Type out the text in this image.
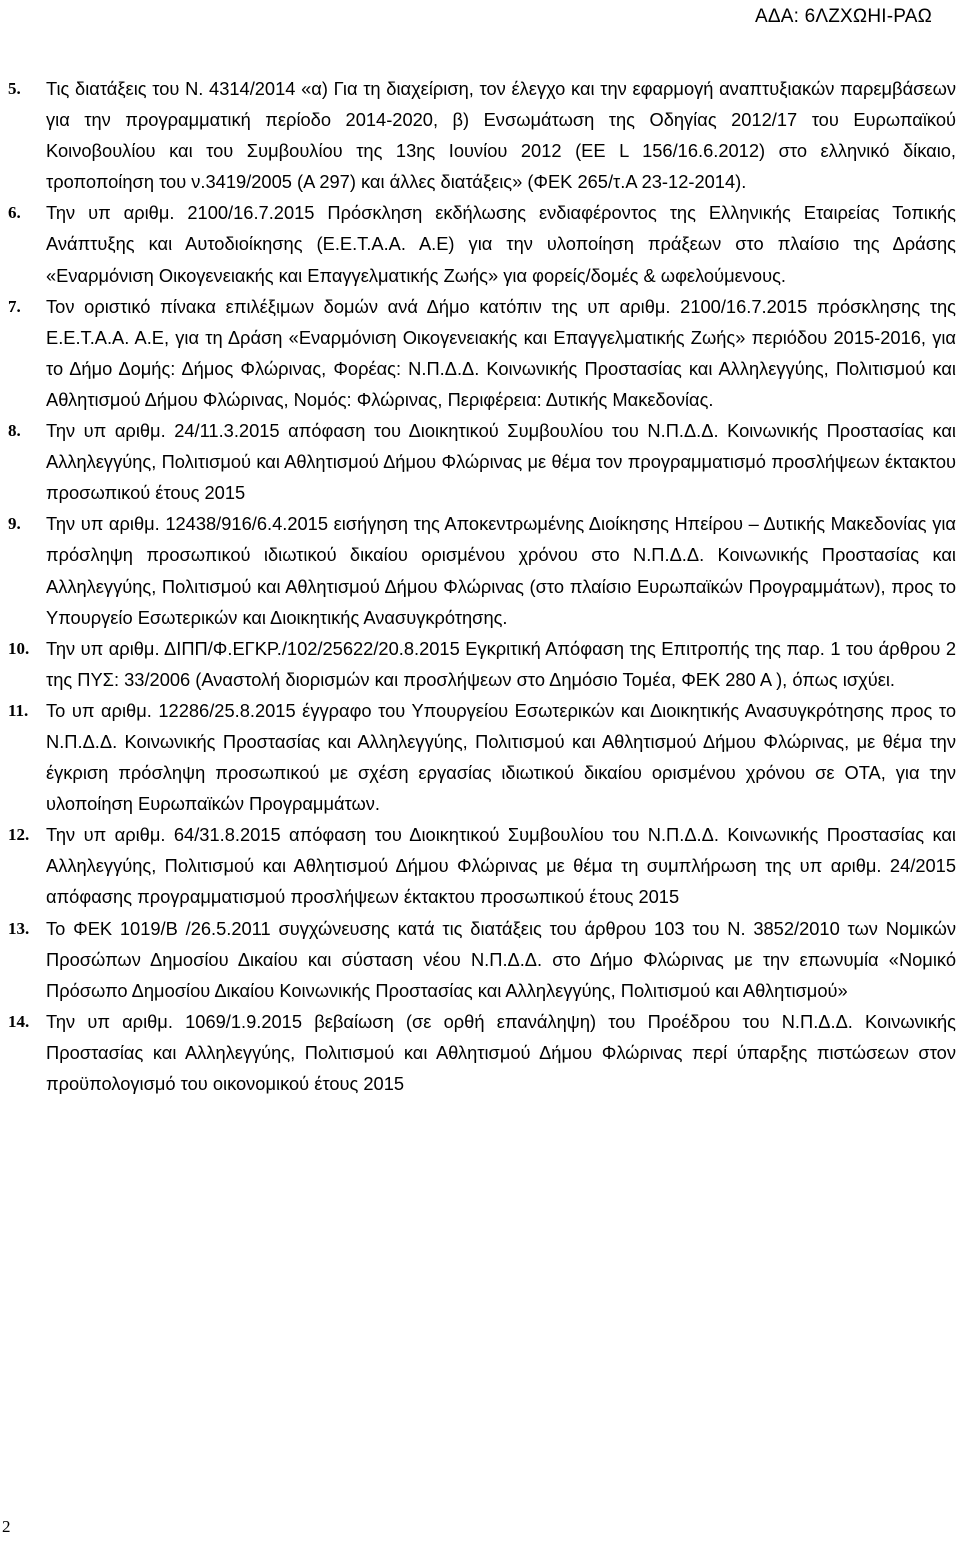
ΑΔΑ: 6ΛΖΧΩΗΙ-ΡΑΩ
5.	Τις διατάξεις του Ν. 4314/2014 «α) Για τη διαχείριση, τον έλεγχο και την εφαρμογή αναπτυξιακών παρεμβάσεων για την προγραμματική περίοδο 2014-2020, β) Ενσωμάτωση της Οδηγίας 2012/17 του Ευρωπαϊκού Κοινοβουλίου και του Συμβουλίου της 13ης Ιουνίου 2012 (ΕΕ L 156/16.6.2012) στο ελληνικό δίκαιο, τροποποίηση του ν.3419/2005 (Α 297) και άλλες διατάξεις» (ΦΕΚ 265/τ.Α 23-12-2014).
6.	Την υπ αριθμ. 2100/16.7.2015 Πρόσκληση εκδήλωσης ενδιαφέροντος της Ελληνικής Εταιρείας Τοπικής Ανάπτυξης και Αυτοδιοίκησης (Ε.Ε.Τ.Α.Α. Α.Ε) για την υλοποίηση πράξεων στο πλαίσιο της Δράσης «Εναρμόνιση Οικογενειακής και Επαγγελματικής Ζωής» για φορείς/δομές & ωφελούμενους.
7.	Τον οριστικό πίνακα επιλέξιμων δομών ανά Δήμο κατόπιν της υπ αριθμ. 2100/16.7.2015 πρόσκλησης της Ε.Ε.Τ.Α.Α. Α.Ε, για τη Δράση «Εναρμόνιση Οικογενειακής και Επαγγελματικής Ζωής» περιόδου 2015-2016, για το Δήμο Δομής: Δήμος Φλώρινας, Φορέας: Ν.Π.Δ.Δ. Κοινωνικής Προστασίας και Αλληλεγγύης, Πολιτισμού και Αθλητισμού Δήμου Φλώρινας, Νομός: Φλώρινας, Περιφέρεια: Δυτικής Μακεδονίας.
8.	Την υπ αριθμ. 24/11.3.2015 απόφαση του Διοικητικού Συμβουλίου του Ν.Π.Δ.Δ. Κοινωνικής Προστασίας και Αλληλεγγύης, Πολιτισμού και Αθλητισμού Δήμου Φλώρινας με θέμα τον προγραμματισμό προσλήψεων έκτακτου προσωπικού έτους 2015
9.	Την υπ αριθμ. 12438/916/6.4.2015 εισήγηση της Αποκεντρωμένης Διοίκησης Ηπείρου – Δυτικής Μακεδονίας για πρόσληψη προσωπικού ιδιωτικού δικαίου ορισμένου χρόνου στο Ν.Π.Δ.Δ. Κοινωνικής Προστασίας και Αλληλεγγύης, Πολιτισμού και Αθλητισμού Δήμου Φλώρινας (στο πλαίσιο Ευρωπαϊκών Προγραμμάτων), προς το Υπουργείο Εσωτερικών και Διοικητικής Ανασυγκρότησης.
10. Την υπ αριθμ. ΔΙΠΠ/Φ.ΕΓΚΡ./102/25622/20.8.2015 Εγκριτική Απόφαση της Επιτροπής της παρ. 1 του άρθρου 2 της ΠΥΣ: 33/2006 (Αναστολή διορισμών και προσλήψεων στο Δημόσιο Τομέα, ΦΕΚ 280 Α ), όπως ισχύει.
11. Το υπ αριθμ. 12286/25.8.2015 έγγραφο του Υπουργείου Εσωτερικών και Διοικητικής Ανασυγκρότησης προς το Ν.Π.Δ.Δ. Κοινωνικής Προστασίας και Αλληλεγγύης, Πολιτισμού και Αθλητισμού Δήμου Φλώρινας, με θέμα την έγκριση πρόσληψη προσωπικού με σχέση εργασίας ιδιωτικού δικαίου ορισμένου χρόνου σε ΟΤΑ, για την υλοποίηση Ευρωπαϊκών Προγραμμάτων.
12. Την υπ αριθμ. 64/31.8.2015 απόφαση του Διοικητικού Συμβουλίου του Ν.Π.Δ.Δ. Κοινωνικής Προστασίας και Αλληλεγγύης, Πολιτισμού και Αθλητισμού Δήμου Φλώρινας με θέμα τη συμπλήρωση της υπ αριθμ. 24/2015 απόφασης προγραμματισμού προσλήψεων έκτακτου προσωπικού έτους 2015
13. Το ΦΕΚ 1019/Β /26.5.2011 συγχώνευσης κατά τις διατάξεις του άρθρου 103 του Ν. 3852/2010 των Νομικών Προσώπων Δημοσίου Δικαίου και σύσταση νέου Ν.Π.Δ.Δ. στο Δήμο Φλώρινας με την επωνυμία «Νομικό Πρόσωπο Δημοσίου Δικαίου Κοινωνικής Προστασίας και Αλληλεγγύης, Πολιτισμού και Αθλητισμού»
14. Την υπ αριθμ. 1069/1.9.2015 βεβαίωση (σε ορθή επανάληψη) του Προέδρου του Ν.Π.Δ.Δ. Κοινωνικής Προστασίας και Αλληλεγγύης, Πολιτισμού και Αθλητισμού Δήμου Φλώρινας περί ύπαρξης πιστώσεων στον προϋπολογισμό του οικονομικού έτους 2015
2
